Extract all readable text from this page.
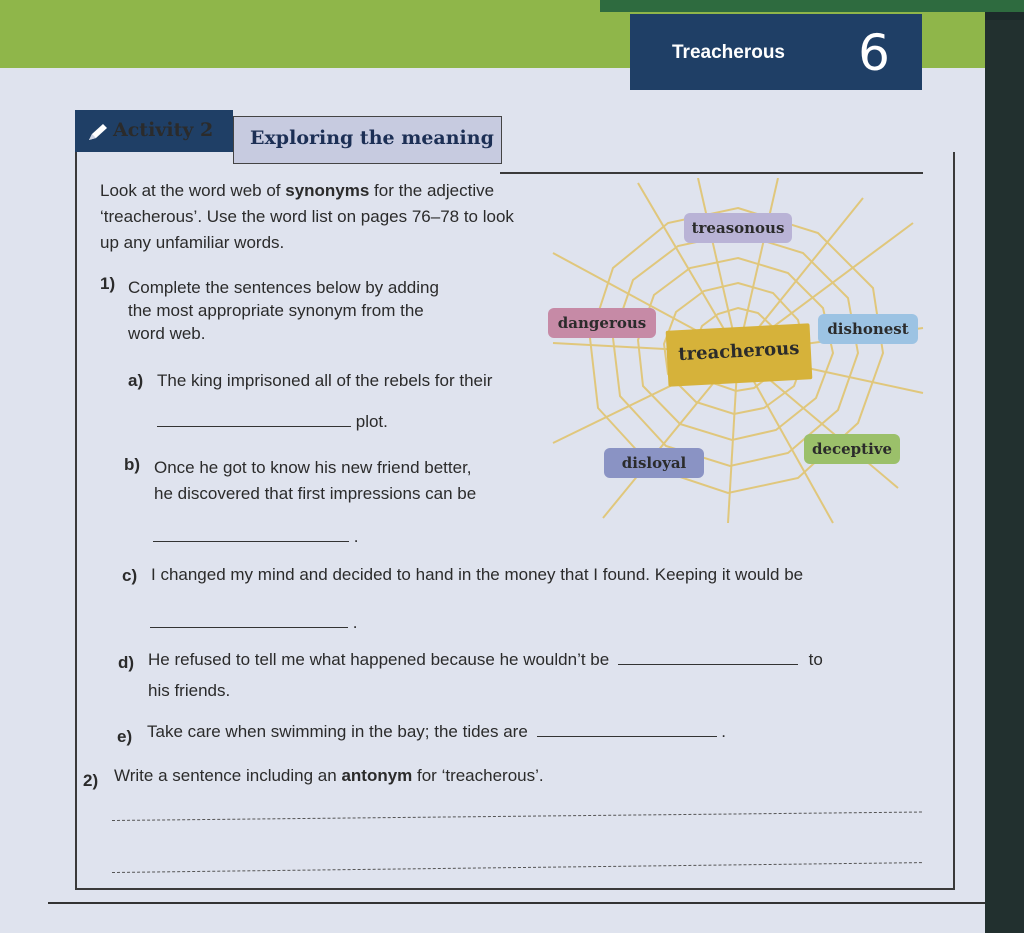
Treacherous 6
Activity 2 Exploring the meaning
Look at the word web of synonyms for the adjective
‘treacherous’. Use the word list on pages 76–78 to look
up any unfamiliar words.
1) Complete the sentences below by adding
the most appropriate synonym from the
word web.
a) The king imprisoned all of the rebels for their
plot.
b) Once he got to know his new friend better,
he discovered that first impressions can be
.
c) I changed my mind and decided to hand in the money that I found. Keeping it would be
.
d) He refused to tell me what happened because he wouldn’t be	to
his friends.
e) Take care when swimming in the bay; the tides are	.
2) Write a sentence including an antonym for ‘treacherous’.
treasonous
dangerous	dishonest
treacherous
disloyal
deceptive
